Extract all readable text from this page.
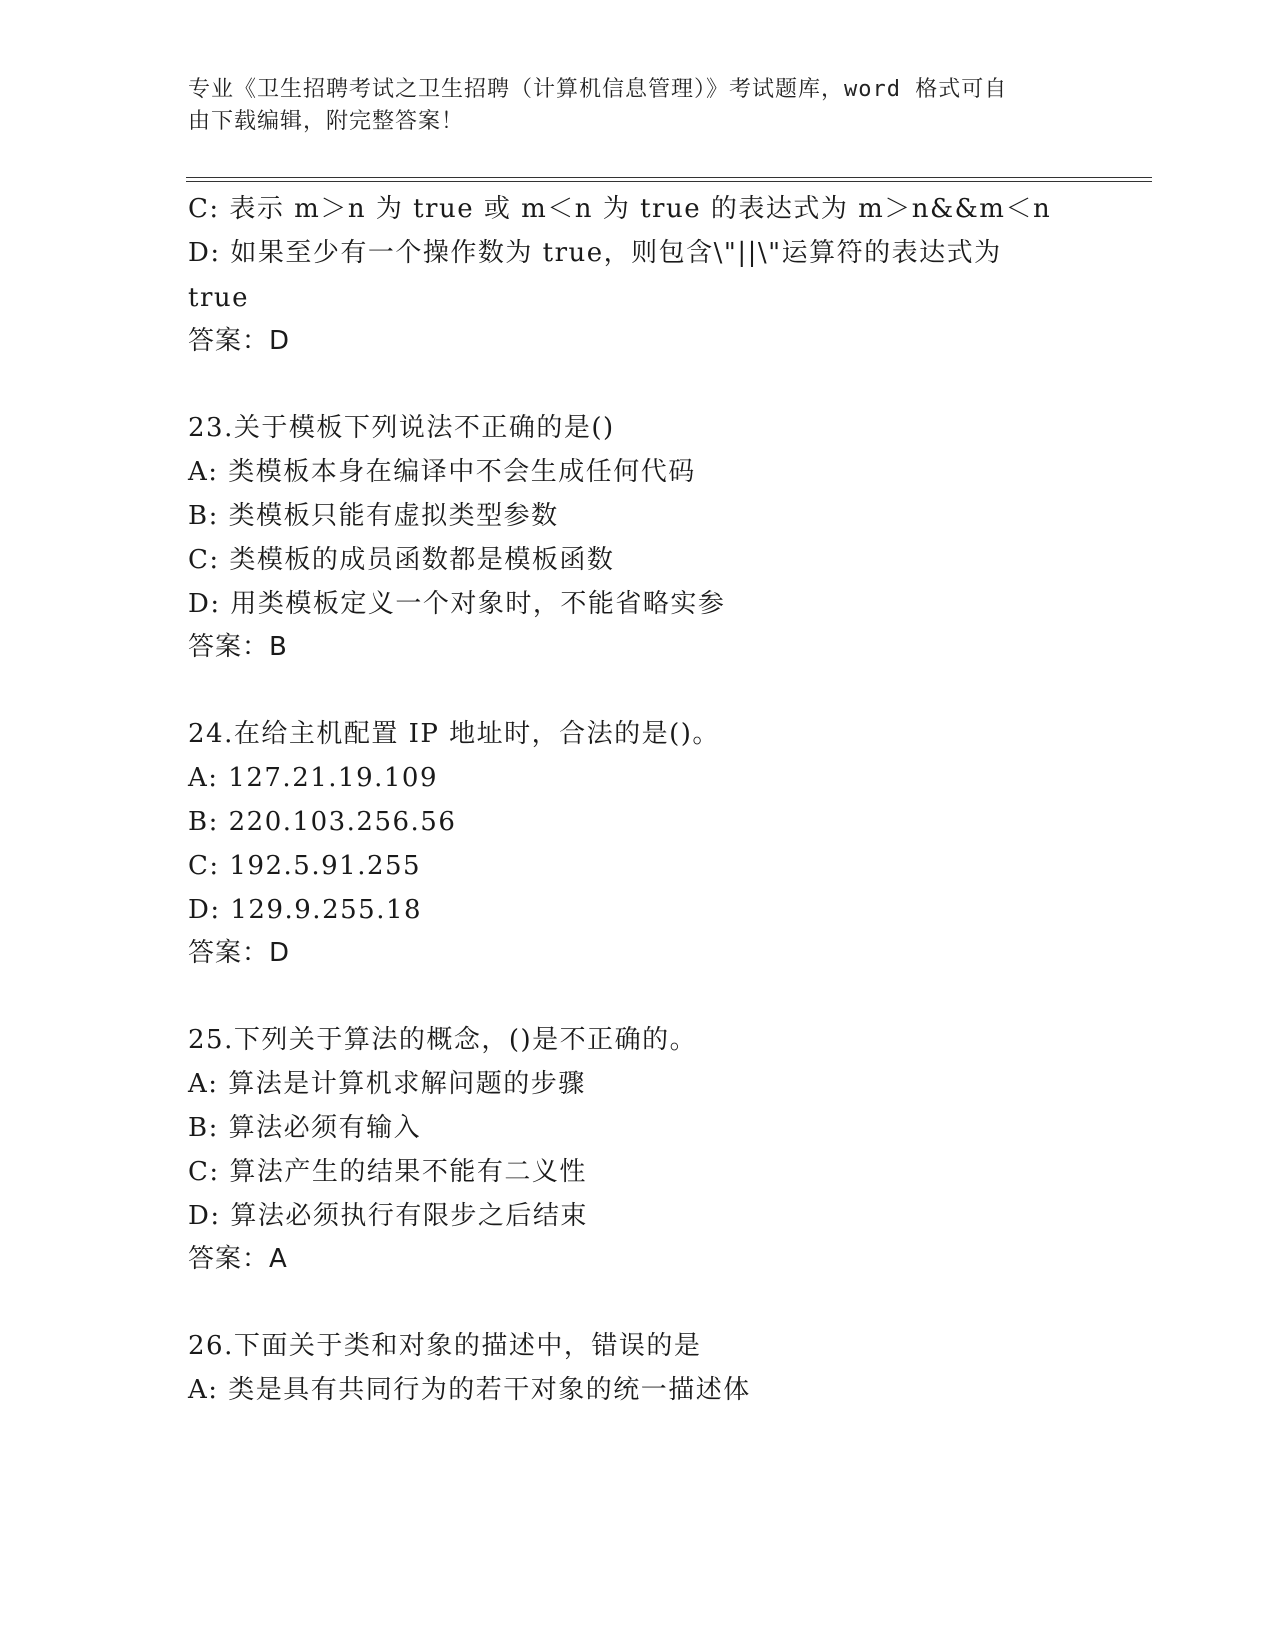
专业《卫生招聘考试之卫生招聘（计算机信息管理）》考试题库，word 格式可自
由下载编辑，附完整答案！
C: 表示 m＞n 为 true 或 m＜n 为 true 的表达式为 m＞n&&m＜n
D: 如果至少有一个操作数为 true，则包含\"||\"运算符的表达式为
true
答案：D
23.关于模板下列说法不正确的是()
A: 类模板本身在编译中不会生成任何代码
B: 类模板只能有虚拟类型参数
C: 类模板的成员函数都是模板函数
D: 用类模板定义一个对象时，不能省略实参
答案：B
24.在给主机配置 IP 地址时，合法的是()。
A: 127.21.19.109
B: 220.103.256.56
C: 192.5.91.255
D: 129.9.255.18
答案：D
25.下列关于算法的概念，()是不正确的。
A: 算法是计算机求解问题的步骤
B: 算法必须有输入
C: 算法产生的结果不能有二义性
D: 算法必须执行有限步之后结束
答案：A
26.下面关于类和对象的描述中，错误的是
A: 类是具有共同行为的若干对象的统一描述体
